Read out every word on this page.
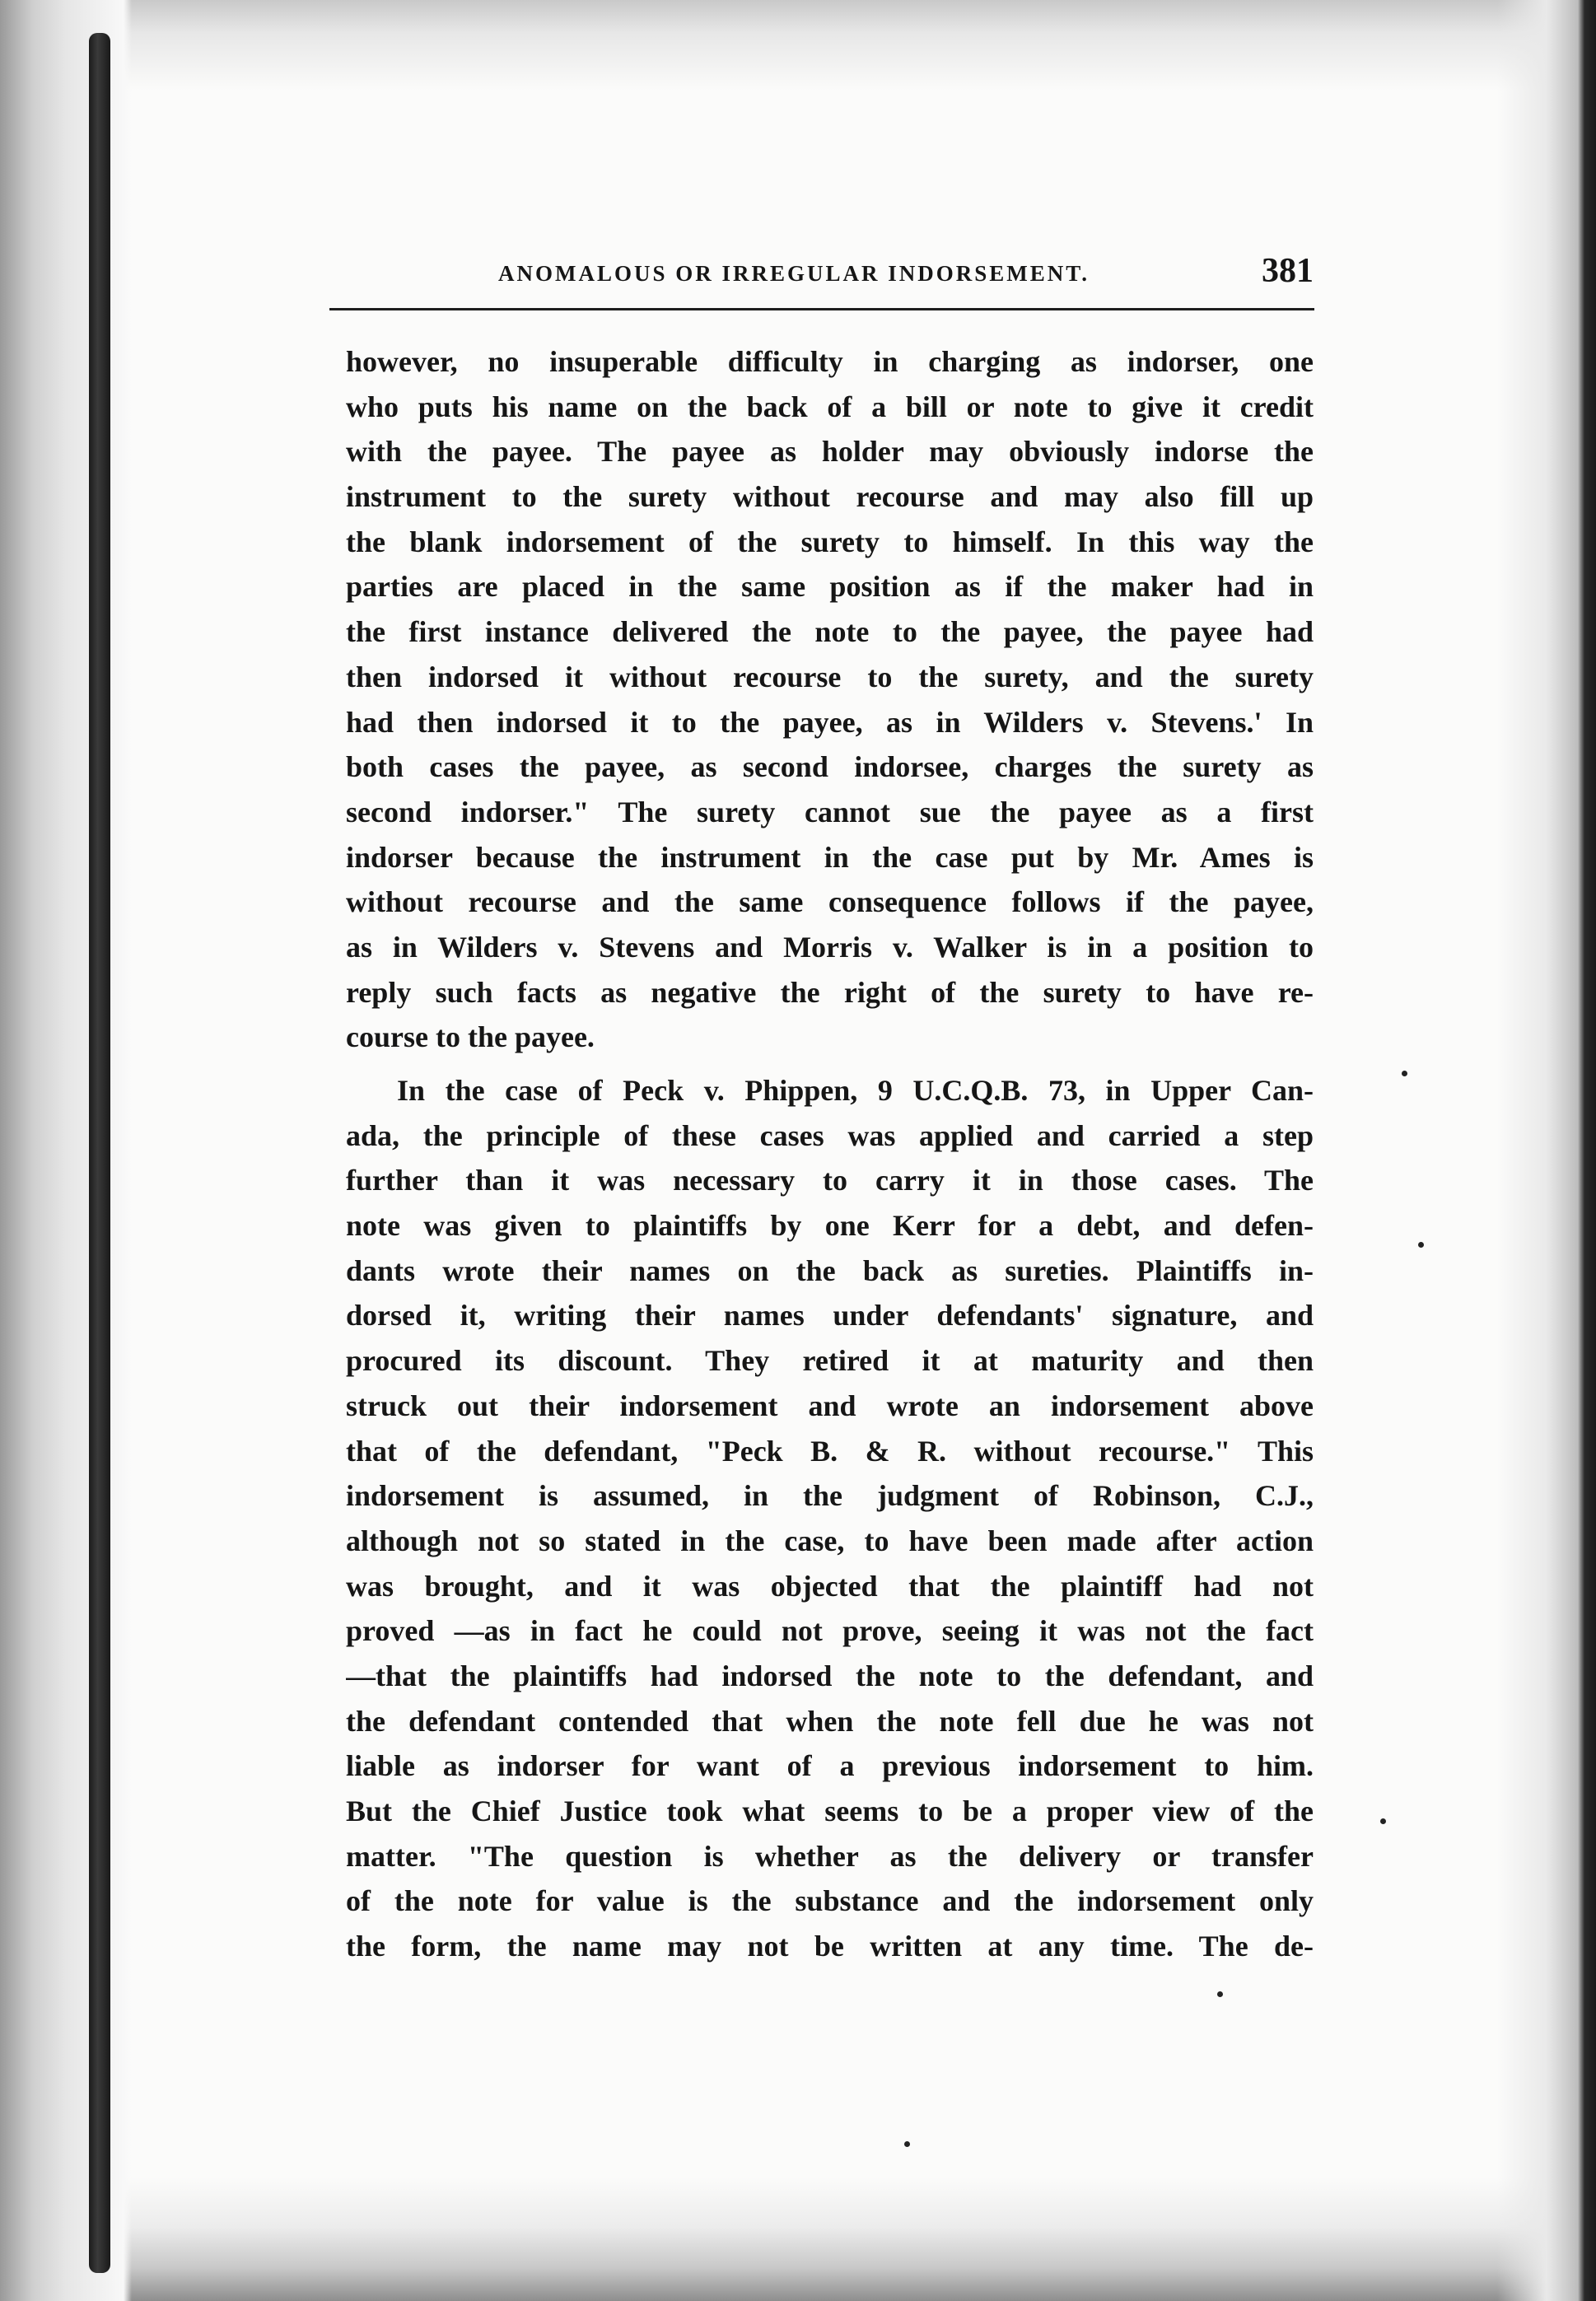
ANOMALOUS OR IRREGULAR INDORSEMENT.	381
however, no insuperable difficulty in charging as indorser, one
who puts his name on the back of a bill or note to give it credit
with the payee. The payee as holder may obviously indorse the
instrument to the surety without recourse and may also fill up
the blank indorsement of the surety to himself. In this way the
parties are placed in the same position as if the maker had in
the first instance delivered the note to the payee, the payee had
then indorsed it without recourse to the surety, and the surety
had then indorsed it to the payee, as in Wilders v. Stevens.' In
both cases the payee, as second indorsee, charges the surety as
second indorser." The surety cannot sue the payee as a first
indorser because the instrument in the case put by Mr. Ames is
without recourse and the same consequence follows if the payee,
as in Wilders v. Stevens and Morris v. Walker is in a position to
reply such facts as negative the right of the surety to have re-
course to the payee.
In the case of Peck v. Phippen, 9 U.C.Q.B. 73, in Upper Can-
ada, the principle of these cases was applied and carried a step
further than it was necessary to carry it in those cases. The
note was given to plaintiffs by one Kerr for a debt, and defen-
dants wrote their names on the back as sureties. Plaintiffs in-
dorsed it, writing their names under defendants' signature, and
procured its discount. They retired it at maturity and then
struck out their indorsement and wrote an indorsement above
that of the defendant, "Peck B. & R. without recourse." This
indorsement is assumed, in the judgment of Robinson, C.J.,
although not so stated in the case, to have been made after action
was brought, and it was objected that the plaintiff had not
proved —as in fact he could not prove, seeing it was not the fact
—that the plaintiffs had indorsed the note to the defendant, and
the defendant contended that when the note fell due he was not
liable as indorser for want of a previous indorsement to him.
But the Chief Justice took what seems to be a proper view of the
matter. "The question is whether as the delivery or transfer
of the note for value is the substance and the indorsement only
the form, the name may not be written at any time. The de-
